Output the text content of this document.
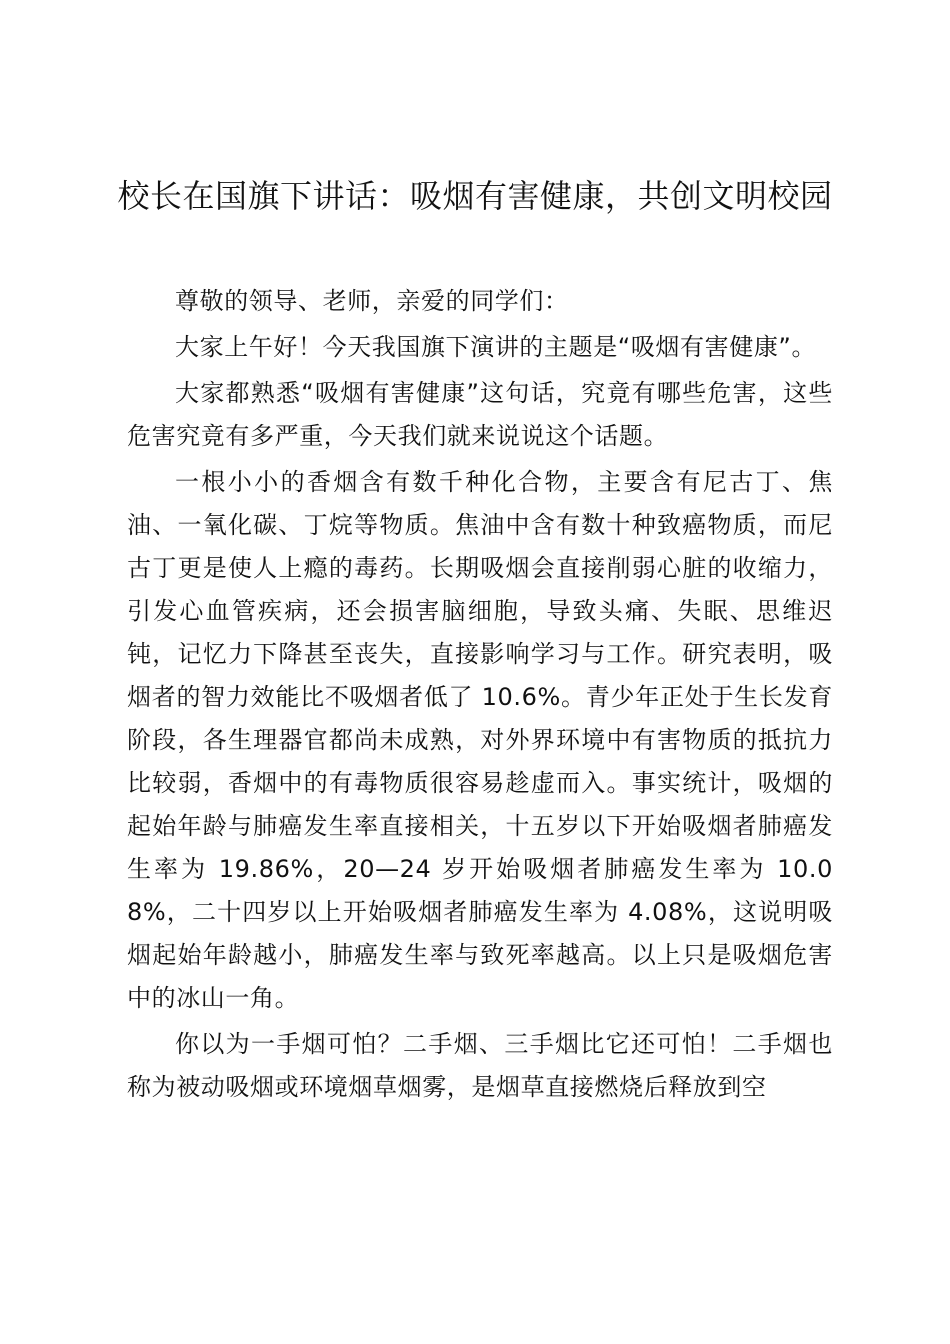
校长在国旗下讲话：吸烟有害健康，共创文明校园

尊敬的领导、老师，亲爱的同学们：

大家上午好！今天我国旗下演讲的主题是“吸烟有害健康”。

大家都熟悉“吸烟有害健康”这句话，究竟有哪些危害，这些危害究竟有多严重，今天我们就来说说这个话题。

一根小小的香烟含有数千种化合物，主要含有尼古丁、焦油、一氧化碳、丁烷等物质。焦油中含有数十种致癌物质，而尼古丁更是使人上瘾的毒药。长期吸烟会直接削弱心脏的收缩力，引发心血管疾病，还会损害脑细胞，导致头痛、失眠、思维迟钝，记忆力下降甚至丧失，直接影响学习与工作。研究表明，吸烟者的智力效能比不吸烟者低了 10.6%。青少年正处于生长发育阶段，各生理器官都尚未成熟，对外界环境中有害物质的抵抗力比较弱，香烟中的有毒物质很容易趁虚而入。事实统计，吸烟的起始年龄与肺癌发生率直接相关，十五岁以下开始吸烟者肺癌发生率为 19.86%，20—24 岁开始吸烟者肺癌发生率为 10.08%，二十四岁以上开始吸烟者肺癌发生率为 4.08%，这说明吸烟起始年龄越小，肺癌发生率与致死率越高。以上只是吸烟危害中的冰山一角。

你以为一手烟可怕？二手烟、三手烟比它还可怕！二手烟也称为被动吸烟或环境烟草烟雾，是烟草直接燃烧后释放到空
